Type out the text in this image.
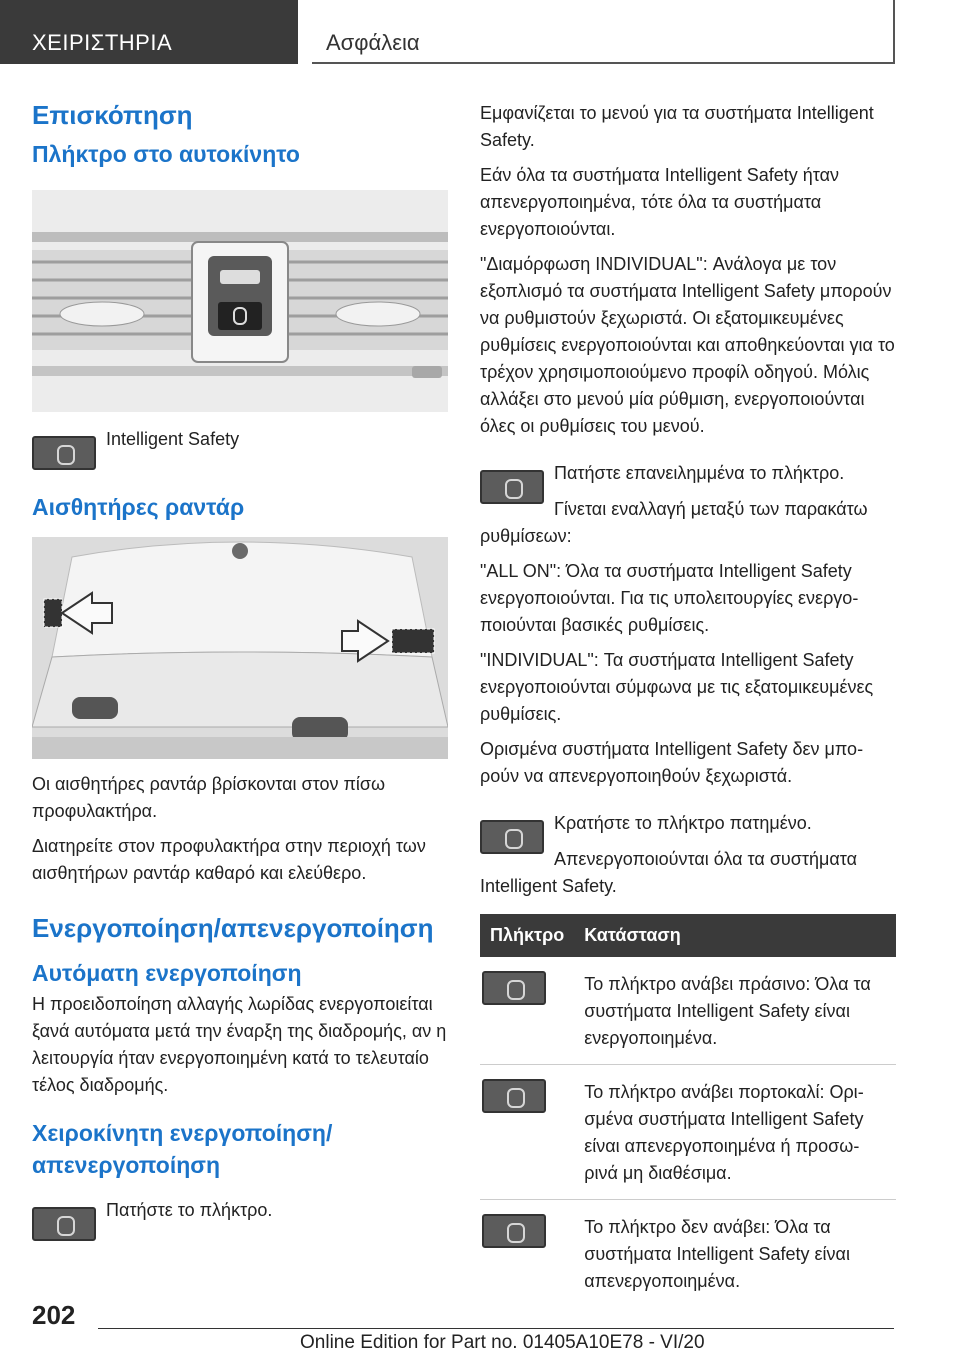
ΧΕΙΡΙΣΤΗΡΙΑ	Ασφάλεια
Επισκόπηση
Πλήκτρο στο αυτοκίνητο

Intelligent Safety

Αισθητήρες ραντάρ

Οι αισθητήρες ραντάρ βρίσκονται στον πίσω προφυλακτήρα.

Διατηρείτε στον προφυλακτήρα στην περιοχή των αισθητήρων ραντάρ καθαρό και ελεύθερο.

Ενεργοποίηση/απενεργοποίηση
Αυτόματη ενεργοποίηση

Η προειδοποίηση αλλαγής λωρίδας ενεργοποιείται ξανά αυτόματα μετά την έναρξη της διαδρομής, αν η λειτουργία ήταν ενεργοποιημένη κατά το τελευταίο τέλος διαδρομής.

Χειροκίνητη ενεργοποίηση/ απενεργοποίηση

Πατήστε το πλήκτρο.

Εμφανίζεται το μενού για τα συστήματα Intelligent Safety.

Εάν όλα τα συστήματα Intelligent Safety ήταν απενεργοποιημένα, τότε όλα τα συστήματα ενεργοποιούνται.

"Διαμόρφωση INDIVIDUAL": Ανάλογα με τον εξοπλισμό τα συστήματα Intelligent Safety μπορούν να ρυθμιστούν ξεχωριστά. Οι εξατομικευμένες ρυθμίσεις ενεργοποιούνται και αποθηκεύονται για το τρέχον χρησιμοποιούμενο προφίλ οδηγού. Μόλις αλλάξει στο μενού μία ρύθμιση, ενεργοποιούνται όλες οι ρυθμίσεις του μενού.

Πατήστε επανειλημμένα το πλήκτρο.

Γίνεται εναλλαγή μεταξύ των παρακάτω ρυθμίσεων:

"ALL ON": Όλα τα συστήματα Intelligent Safety ενεργοποιούνται. Για τις υπολειτουργίες ενεργοποιούνται βασικές ρυθμίσεις.

"INDIVIDUAL": Τα συστήματα Intelligent Safety ενεργοποιούνται σύμφωνα με τις εξατομικευμένες ρυθμίσεις.

Ορισμένα συστήματα Intelligent Safety δεν μπορούν να απενεργοποιηθούν ξεχωριστά.

Κρατήστε το πλήκτρο πατημένο.

Απενεργοποιούνται όλα τα συστήματα Intelligent Safety.

Πλήκτρο	Κατάσταση
	Το πλήκτρο ανάβει πράσινο: Όλα τα συστήματα Intelligent Safety είναι ενεργοποιημένα.
	Το πλήκτρο ανάβει πορτοκαλί: Ορισμένα συστήματα Intelligent Safety είναι απενεργοποιημένα ή προσωρινά μη διαθέσιμα.
	Το πλήκτρο δεν ανάβει: Όλα τα συστήματα Intelligent Safety είναι απενεργοποιημένα.
202
Online Edition for Part no. 01405A10E78 - VI/20
